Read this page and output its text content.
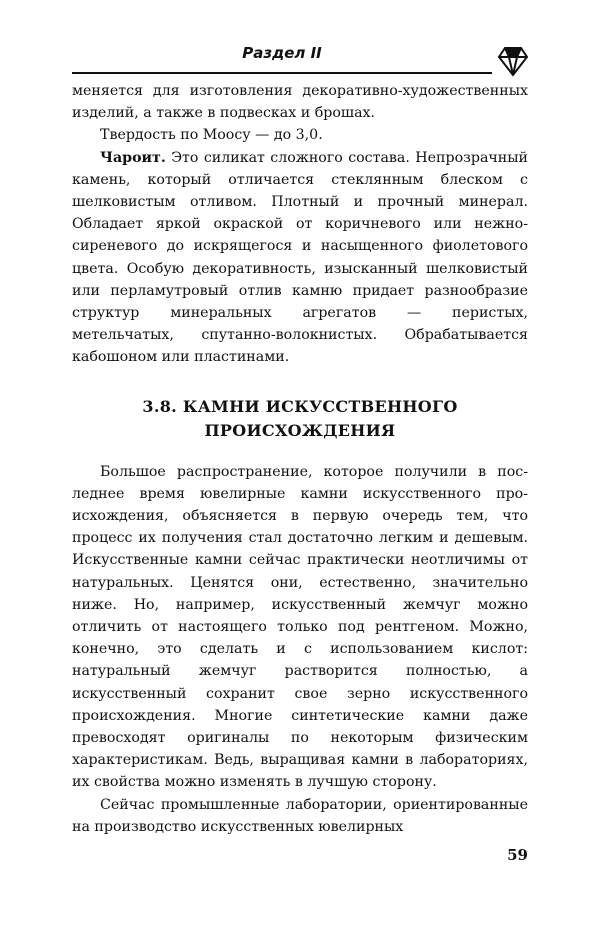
Раздел II

меняется для изготовления декоративно-художественных изделий, а также в подвесках и брошах.

Твердость по Моосу — до 3,0.

Чароит. Это силикат сложного состава. Непрозрачный камень, который отличается стеклянным блеском с шелковистым отливом. Плотный и прочный минерал. Обладает яркой окраской от коричневого или нежно-сиреневого до искрящегося и насыщенного фиолетового цвета. Особую декоративность, изысканный шелковистый или перламутровый отлив камню придает разнообразие структур минеральных агрегатов — перистых, метельчатых, спутанно-волокнистых. Обрабатывается кабошоном или пластинами.

3.8. КАМНИ ИСКУССТВЕННОГО
ПРОИСХОЖДЕНИЯ

Большое распространение, которое получили в последнее время ювелирные камни искусственного происхождения, объясняется в первую очередь тем, что процесс их получения стал достаточно легким и дешевым. Искусственные камни сейчас практически неотличимы от натуральных. Ценятся они, естественно, значительно ниже. Но, например, искусственный жемчуг можно отличить от настоящего только под рентгеном. Можно, конечно, это сделать и с использованием кислот: натуральный жемчуг растворится полностью, а искусственный сохранит свое зерно искусственного происхождения. Многие синтетические камни даже превосходят оригиналы по некоторым физическим характеристикам. Ведь, выращивая камни в лабораториях, их свойства можно изменять в лучшую сторону.

Сейчас промышленные лаборатории, ориентированные на производство искусственных ювелирных

59
